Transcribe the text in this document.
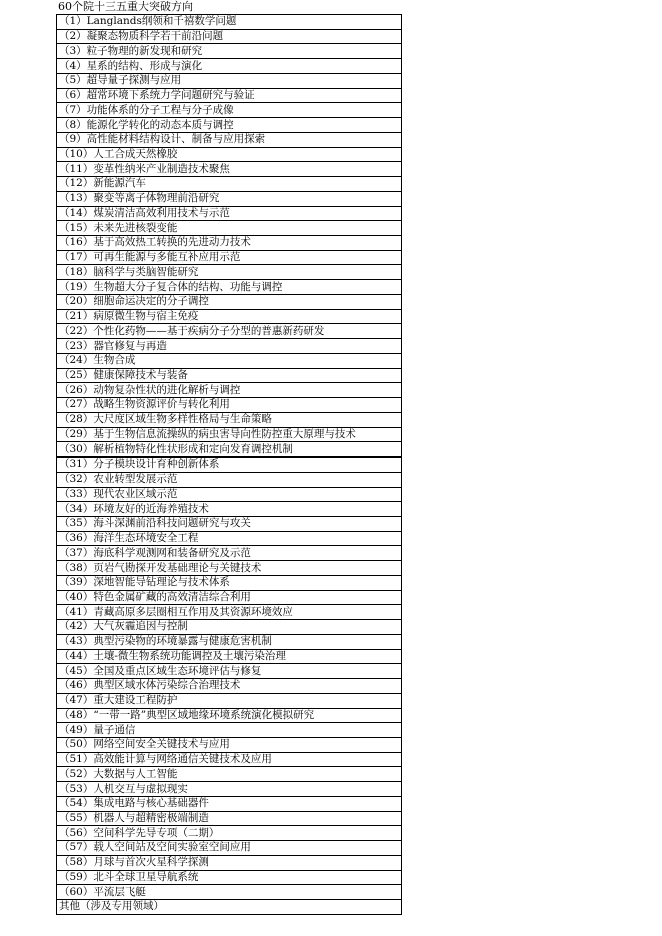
60个院十三五重大突破方向
（1）Langlands纲领和千禧数学问题
（2）凝聚态物质科学若干前沿问题
（3）粒子物理的新发现和研究
（4）星系的结构、形成与演化
（5）超导量子探测与应用
（6）超常环境下系统力学问题研究与验证
（7）功能体系的分子工程与分子成像
（8）能源化学转化的动态本质与调控
（9）高性能材料结构设计、制备与应用探索
（10）人工合成天然橡胶
（11）变革性纳米产业制造技术聚焦
（12）新能源汽车
（13）聚变等离子体物理前沿研究
（14）煤炭清洁高效利用技术与示范
（15）未来先进核裂变能
（16）基于高效热工转换的先进动力技术
（17）可再生能源与多能互补应用示范
（18）脑科学与类脑智能研究
（19）生物超大分子复合体的结构、功能与调控
（20）细胞命运决定的分子调控
（21）病原微生物与宿主免疫
（22）个性化药物——基于疾病分子分型的普惠新药研发
（23）器官修复与再造
（24）生物合成
（25）健康保障技术与装备
（26）动物复杂性状的进化解析与调控
（27）战略生物资源评价与转化利用
（28）大尺度区域生物多样性格局与生命策略
（29）基于生物信息流操纵的病虫害导向性防控重大原理与技术
（30）解析植物特化性状形成和定向发育调控机制
（31）分子模块设计育种创新体系
（32）农业转型发展示范
（33）现代农业区域示范
（34）环境友好的近海养殖技术
（35）海斗深渊前沿科技问题研究与攻关
（36）海洋生态环境安全工程
（37）海底科学观测网和装备研究及示范
（38）页岩气勘探开发基础理论与关键技术
（39）深地智能导钻理论与技术体系
（40）特色金属矿藏的高效清洁综合利用
（41）青藏高原多层圈相互作用及其资源环境效应
（42）大气灰霾追因与控制
（43）典型污染物的环境暴露与健康危害机制
（44）土壤-微生物系统功能调控及土壤污染治理
（45）全国及重点区域生态环境评估与修复
（46）典型区域水体污染综合治理技术
（47）重大建设工程防护
（48）“一带一路”典型区域地缘环境系统演化模拟研究
（49）量子通信
（50）网络空间安全关键技术与应用
（51）高效能计算与网络通信关键技术及应用
（52）大数据与人工智能
（53）人机交互与虚拟现实
（54）集成电路与核心基础器件
（55）机器人与超精密极端制造
（56）空间科学先导专项（二期）
（57）载人空间站及空间实验室空间应用
（58）月球与首次火星科学探测
（59）北斗全球卫星导航系统
（60）平流层飞艇
其他（涉及专用领域）
